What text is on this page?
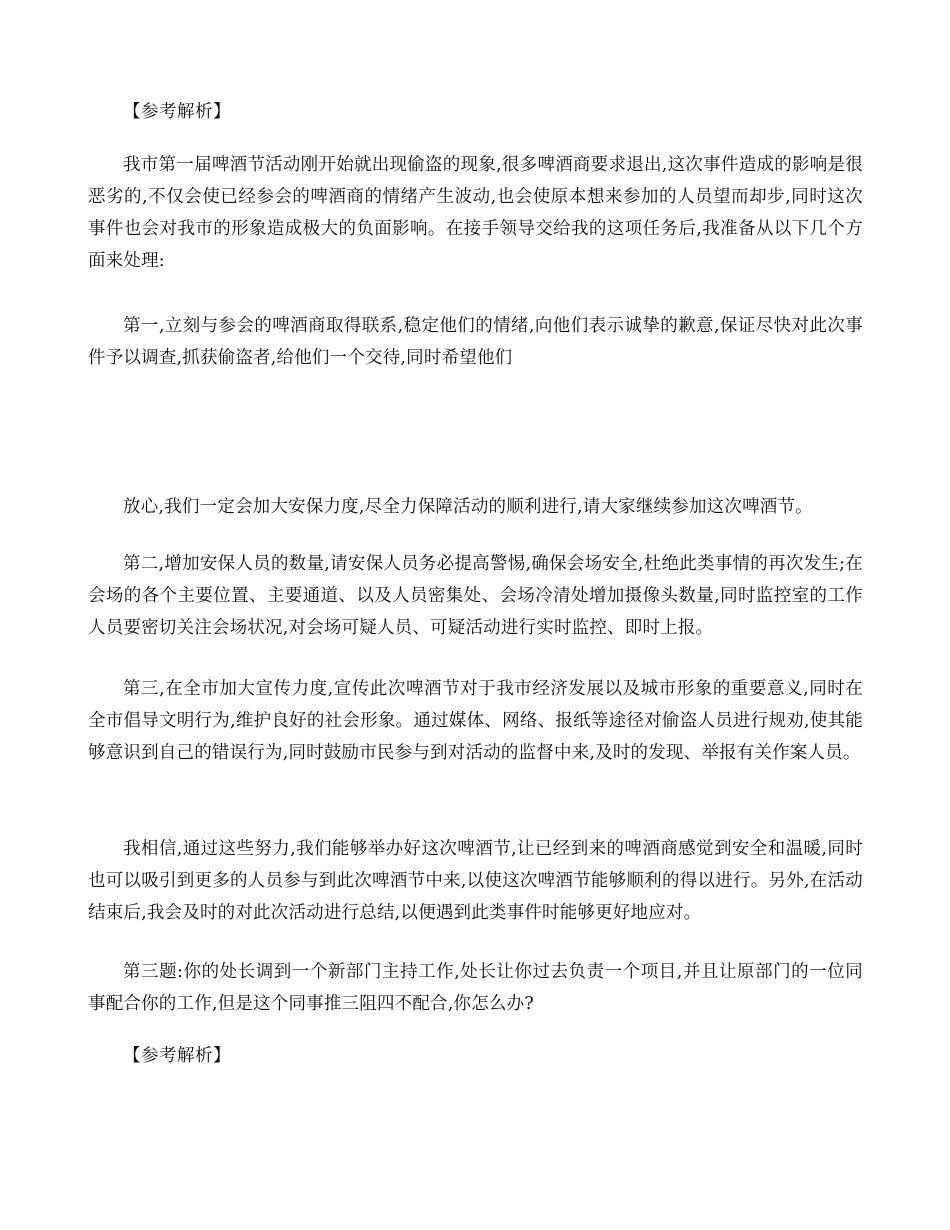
【参考解析】

我市第一届啤酒节活动刚开始就出现偷盗的现象,很多啤酒商要求退出,这次事件造成的影响是很恶劣的,不仅会使已经参会的啤酒商的情绪产生波动,也会使原本想来参加的人员望而却步,同时这次事件也会对我市的形象造成极大的负面影响。在接手领导交给我的这项任务后,我准备从以下几个方面来处理:

第一,立刻与参会的啤酒商取得联系,稳定他们的情绪,向他们表示诚挚的歉意,保证尽快对此次事件予以调查,抓获偷盗者,给他们一个交待,同时希望他们

放心,我们一定会加大安保力度,尽全力保障活动的顺利进行,请大家继续参加这次啤酒节。

第二,增加安保人员的数量,请安保人员务必提高警惕,确保会场安全,杜绝此类事情的再次发生;在会场的各个主要位置、主要通道、以及人员密集处、会场冷清处增加摄像头数量,同时监控室的工作人员要密切关注会场状况,对会场可疑人员、可疑活动进行实时监控、即时上报。

第三,在全市加大宣传力度,宣传此次啤酒节对于我市经济发展以及城市形象的重要意义,同时在全市倡导文明行为,维护良好的社会形象。通过媒体、网络、报纸等途径对偷盗人员进行规劝,使其能够意识到自己的错误行为,同时鼓励市民参与到对活动的监督中来,及时的发现、举报有关作案人员。

我相信,通过这些努力,我们能够举办好这次啤酒节,让已经到来的啤酒商感觉到安全和温暖,同时也可以吸引到更多的人员参与到此次啤酒节中来,以使这次啤酒节能够顺利的得以进行。另外,在活动结束后,我会及时的对此次活动进行总结,以便遇到此类事件时能够更好地应对。

第三题:你的处长调到一个新部门主持工作,处长让你过去负责一个项目,并且让原部门的一位同事配合你的工作,但是这个同事推三阻四不配合,你怎么办?

【参考解析】
